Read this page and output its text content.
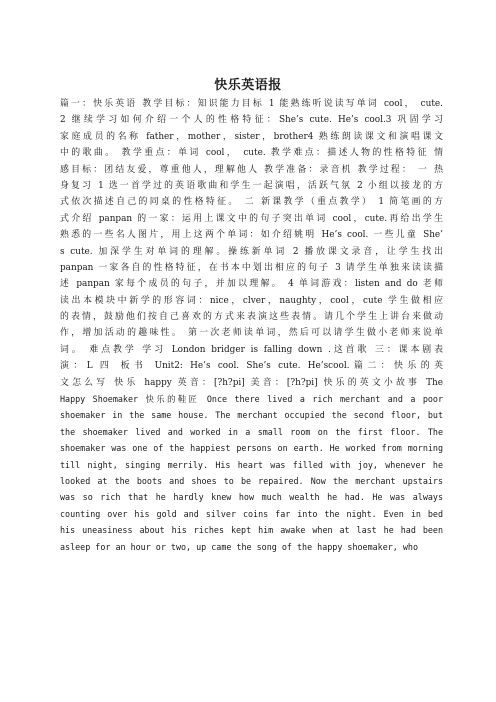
快乐英语报
篇一：快乐英语 教学目标：知识能力目标 1 能熟练听说读写单词 cool， cute.
2 继续学习如何介绍一个人的性格特征：She’s cute. He’s cool.3 巩固学习
家庭成员的名称 father，mother，sister，brother4 熟练朗读课文和演唱课文
中的歌曲。 教学重点：单词 cool， cute. 教学难点：描述人物的性格特征 情
感目标：团结友爱，尊重他人，理解他人 教学准备：录音机 教学过程： 一 热
身复习 1 选一首学过的英语歌曲和学生一起演唱，活跃气氛 2 小组以接龙的方
式依次描述自己的同桌的性格特征。 二 新课教学（重点教学） 1 简笔画的方
式介绍 panpan 的一家：运用上课文中的句子突出单词 cool，cute.再给出学生
熟悉的一些名人图片，用上这两个单词：如介绍姚明 He’s cool. 一些儿童 She’
s cute. 加深学生对单词的理解。操练新单词 2 播放课文录音，让学生找出
panpan 一家各自的性格特征，在书本中划出相应的句子 3 请学生单独来读读描
述 panpan 家每个成员的句子，并加以理解。 4 单词游戏：listen and do 老师
读出本模块中新学的形容词：nice，clver，naughty，cool，cute 学生做相应
的表情，鼓励他们按自己喜欢的方式来表演这些表情。请几个学生上讲台来做动
作，增加活动的趣味性。 第一次老师读单词，然后可以请学生做小老师来说单
词。 难点教学 学习 London bridger is falling down .这首歌 三：课本剧表
演：L 四 板书 Unit2: He’s cool. She’s cute. He’scool.篇二：快乐的英
文怎么写 快乐 happy 英音：[?h?pi] 美音：[?h?pi] 快乐的英文小故事 The
Happy Shoemaker 快乐的鞋匠 Once there lived a rich merchant and a poor
shoemaker in the same house. The merchant occupied the second floor, but
the shoemaker lived and worked in a small room on the first floor. The
shoemaker was one of the happiest persons on earth. He worked from morning
till night, singing merrily. His heart was filled with joy, whenever he
looked at the boots and shoes to be repaired. Now the merchant upstairs
was so rich that he hardly knew how much wealth he had. He was always
counting over his gold and silver coins far into the night. Even in bed
his uneasiness about his riches kept him awake when at last he had been
asleep for an hour or two, up came the song of the happy shoemaker, who
